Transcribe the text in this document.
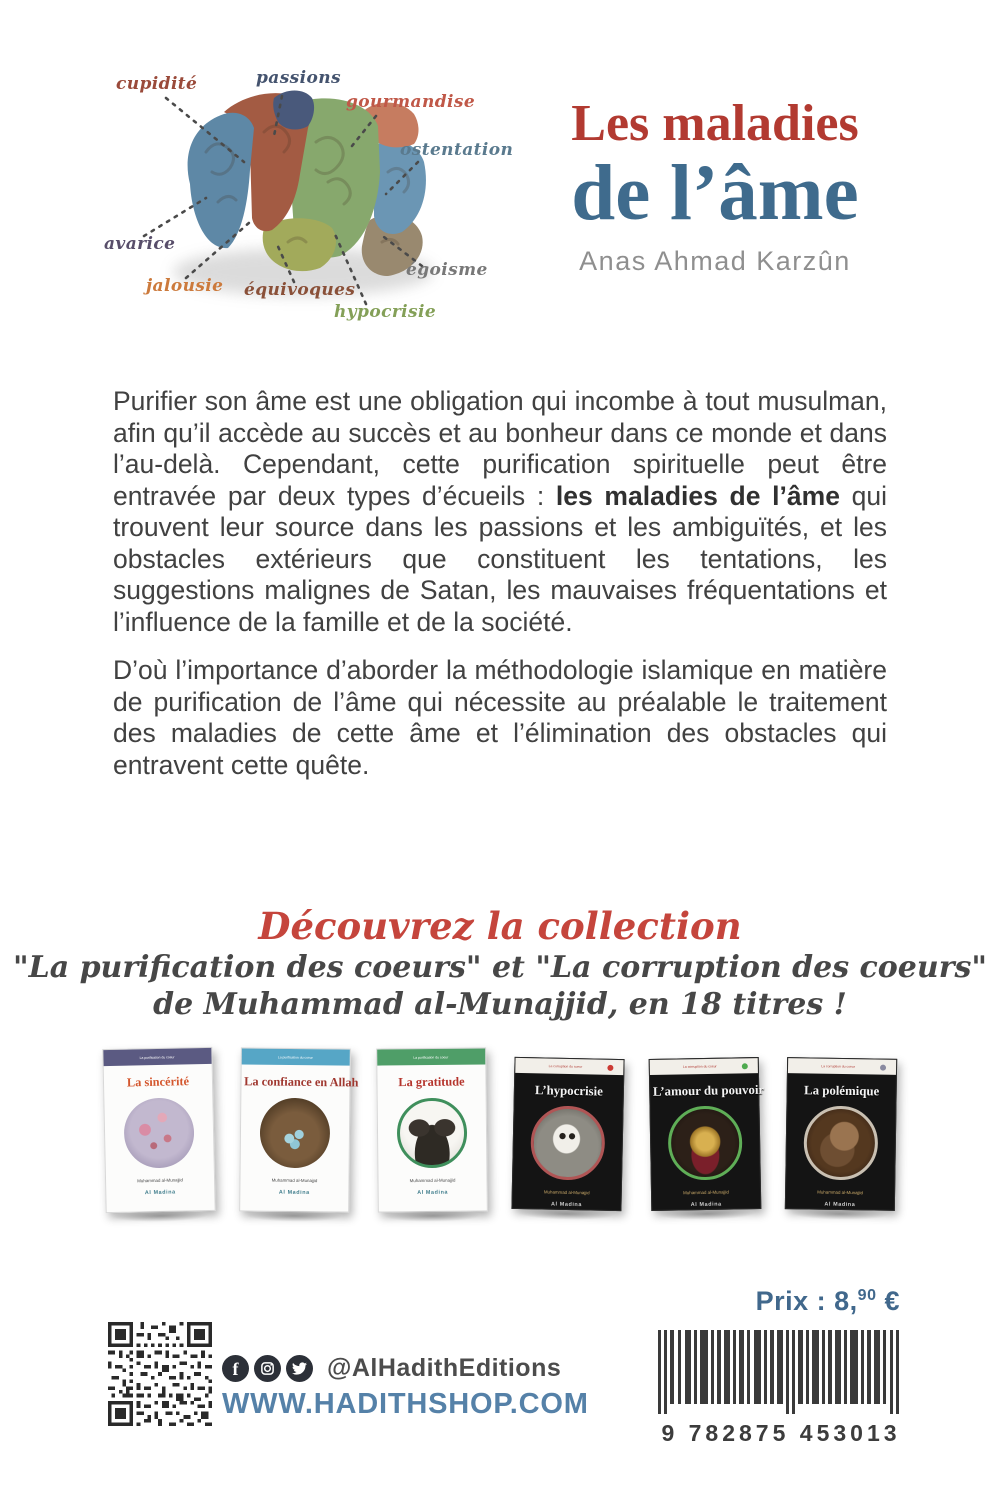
cupidité	passions
gourmandise
ostentation
avarice
jalousie équivoques
hypocrisie
égoisme
Les maladies
de l’âme
Anas Ahmad Karzûn

Purifier son âme est une obligation qui incombe à tout musulman, afin qu’il accède au succès et au bonheur dans ce monde et dans l’au-delà. Cependant, cette purification spirituelle peut être entravée par deux types d’écueils : les maladies de l’âme qui trouvent leur source dans les passions et les ambiguïtés, et les obstacles extérieurs que constituent les tentations, les suggestions malignes de Satan, les mauvaises fréquentations et l’influence de la famille et de la société.

D’où l’importance d’aborder la méthodologie islamique en matière de purification de l’âme qui nécessite au préalable le traitement des maladies de cette âme et l’élimination des obstacles qui entravent cette quête.

Découvrez la collection
"La purification des coeurs" et "La corruption des coeurs"
de Muhammad al-Munajjid, en 18 titres !
La purification du coeur
La sincérité
Muhammad al-Munajjid
Al Madina
La purification du coeur
La confiance en Allah
Muhammad al-Munajjid
Al Madina
La purification du coeur
La gratitude
Muhammad al-Munajjid
Al Madina
La corruption du coeur
L’hypocrisie
Muhammad al-Munajjid
Al Madina
La corruption du coeur
L’amour du pouvoir
Muhammad al-Munajjid
Al Madina
La corruption du coeur
La polémique
Muhammad al-Munajjid
Al Madina
Prix : 8,90 €
f	@AlHadithEditions
WWW.HADITHSHOP.COM
9 782875 453013
